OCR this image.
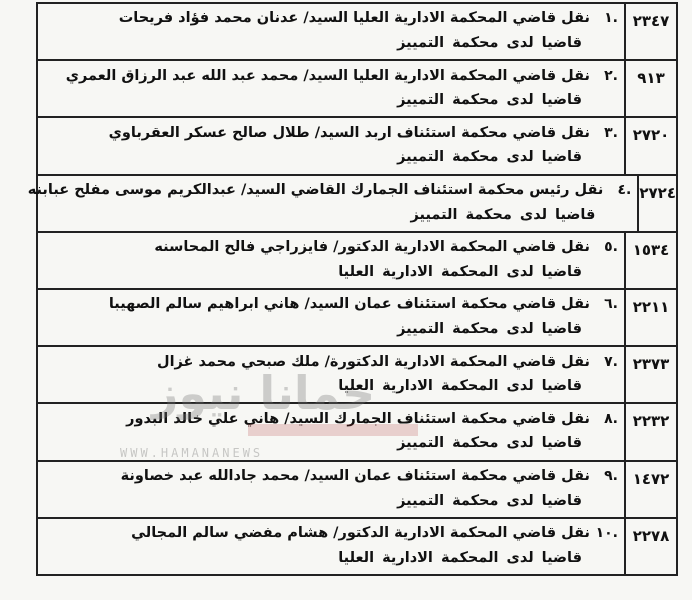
٢٣٤٧
.١
نقل قاضي المحكمة الادارية العليا السيد/ عدنان محمد فؤاد فريحات
قاضيا لدى محكمة التمييز
٩١٣
.٢
نقل قاضي المحكمة الادارية العليا السيد/ محمد عبد الله عبد الرزاق العمري
قاضيا لدى محكمة التمييز
٢٧٢٠
.٣
نقل قاضي محكمة استئناف اربد السيد/ طلال صالح عسكر العقرباوي
قاضيا لدى محكمة التمييز
٢٧٢٤
.٤
نقل رئيس محكمة استئناف الجمارك القاضي السيد/ عبدالكريم موسى مفلح عبابنه
قاضيا لدى محكمة التمييز
١٥٣٤
.٥
نقل قاضي المحكمة الادارية الدكتور/ فايزراجي فالح المحاسنه
قاضيا لدى المحكمة الادارية العليا
٢٢١١
.٦
نقل قاضي محكمة استئناف عمان السيد/ هاني ابراهيم سالم الصهيبا
قاضيا لدى محكمة التمييز
٢٣٧٣
.٧
نقل قاضي المحكمة الادارية الدكتورة/ ملك صبحي محمد غزال
قاضيا لدى المحكمة الادارية العليا
٢٢٣٢
.٨
نقل قاضي محكمة استئناف الجمارك السيد/ هاني علي خالد البدور
قاضيا لدى محكمة التمييز
١٤٧٢
.٩
نقل قاضي محكمة استئناف عمان السيد/ محمد جادالله عبد خصاونة
قاضيا لدى محكمة التمييز
٢٢٧٨
.١٠
نقل قاضي المحكمة الادارية الدكتور/ هشام مفضي سالم المجالي
قاضيا لدى المحكمة الادارية العليا
حمانا نيوز
WWW.HAMANANEWS
